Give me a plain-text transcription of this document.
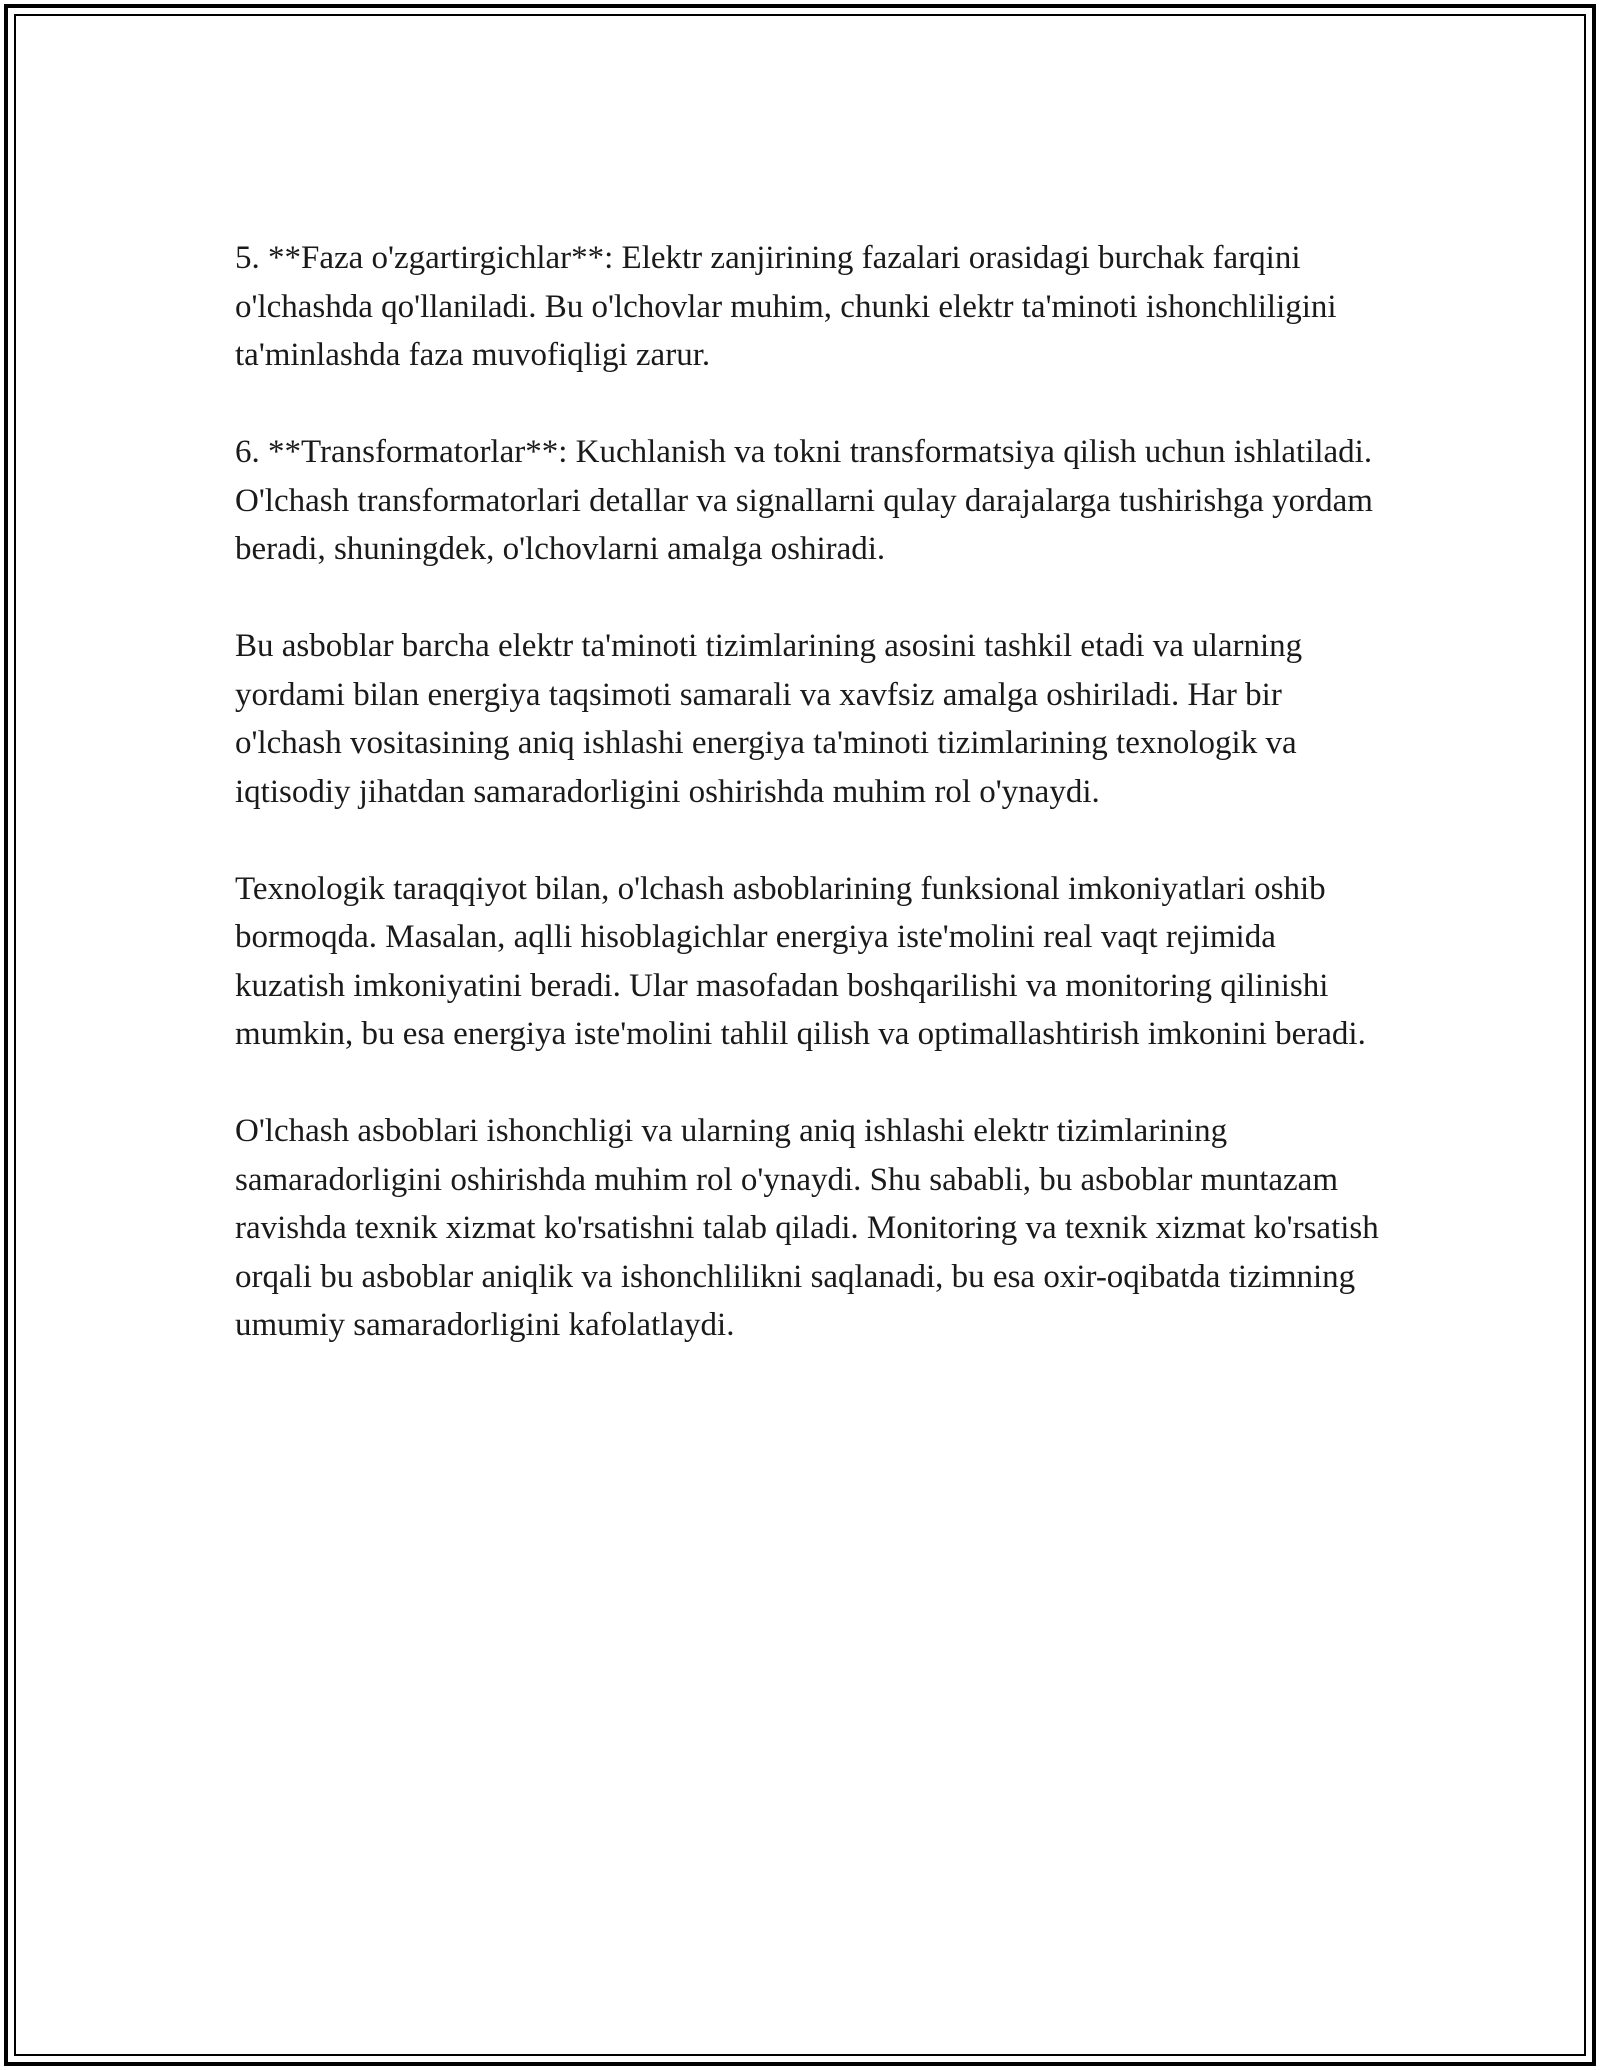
5. **Faza o'zgartirgichlar**: Elektr zanjirining fazalari orasidagi burchak farqini o'lchashda qo'llaniladi. Bu o'lchovlar muhim, chunki elektr ta'minoti ishonchliligini ta'minlashda faza muvofiqligi zarur.

6. **Transformatorlar**: Kuchlanish va tokni transformatsiya qilish uchun ishlatiladi. O'lchash transformatorlari detallar va signallarni qulay darajalarga tushirishga yordam beradi, shuningdek, o'lchovlarni amalga oshiradi.

Bu asboblar barcha elektr ta'minoti tizimlarining asosini tashkil etadi va ularning yordami bilan energiya taqsimoti samarali va xavfsiz amalga oshiriladi. Har bir o'lchash vositasining aniq ishlashi energiya ta'minoti tizimlarining texnologik va iqtisodiy jihatdan samaradorligini oshirishda muhim rol o'ynaydi.

Texnologik taraqqiyot bilan, o'lchash asboblarining funksional imkoniyatlari oshib bormoqda. Masalan, aqlli hisoblagichlar energiya iste'molini real vaqt rejimida kuzatish imkoniyatini beradi. Ular masofadan boshqarilishi va monitoring qilinishi mumkin, bu esa energiya iste'molini tahlil qilish va optimallashtirish imkonini beradi.

O'lchash asboblari ishonchligi va ularning aniq ishlashi elektr tizimlarining samaradorligini oshirishda muhim rol o'ynaydi. Shu sababli, bu asboblar muntazam ravishda texnik xizmat ko'rsatishni talab qiladi. Monitoring va texnik xizmat ko'rsatish orqali bu asboblar aniqlik va ishonchlilikni saqlanadi, bu esa oxir-oqibatda tizimning umumiy samaradorligini kafolatlaydi.
